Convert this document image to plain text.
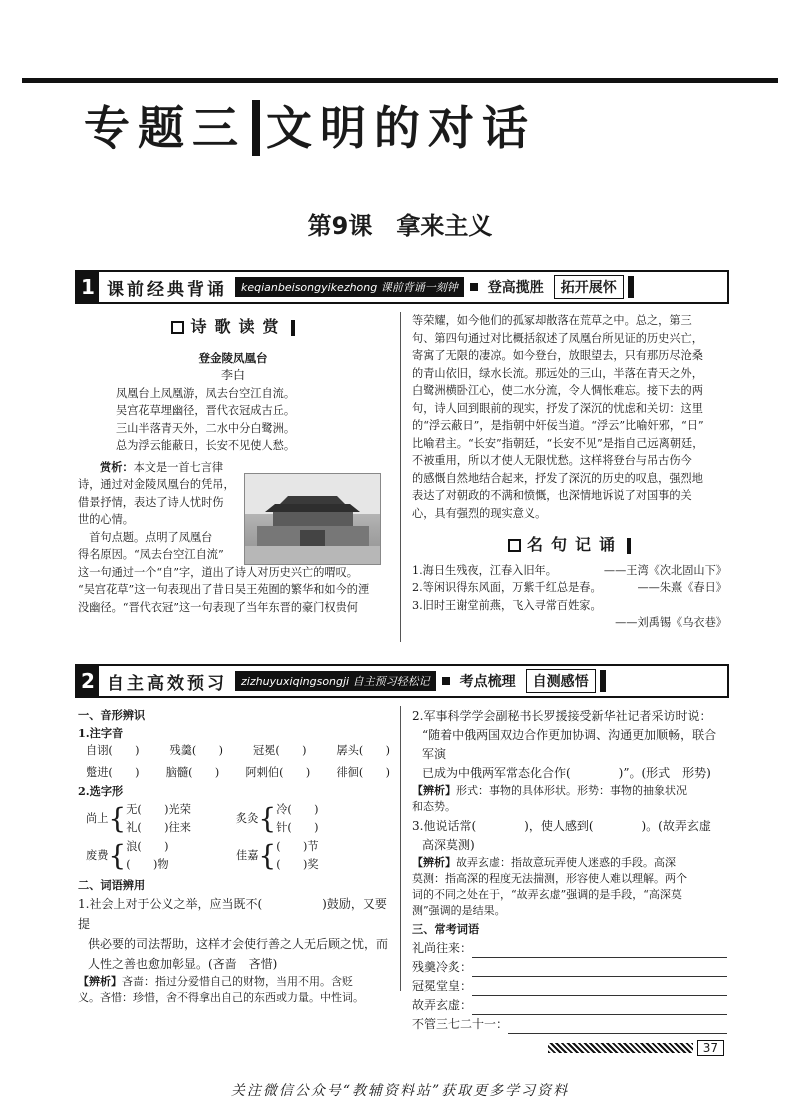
专题三 文明的对话
第9课　拿来主义
1 课前经典背诵	keqianbeisongyikezhong 课前背诵一刻钟	登高揽胜	拓开展怀
诗歌读赏
登金陵凤凰台
李白
凤凰台上凤凰游，凤去台空江自流。
吴宫花草埋幽径，晋代衣冠成古丘。
三山半落青天外，二水中分白鹭洲。
总为浮云能蔽日，长安不见使人愁。
赏析：本文是一首七言律
诗，通过对金陵凤凰台的凭吊，
借景抒情，表达了诗人忧时伤
世的心情。
　首句点题。点明了凤凰台
得名原因。“凤去台空江自流”
这一句通过一个“自”字，道出了诗人对历史兴亡的喟叹。
“吴宫花草”这一句表现出了昔日吴王苑囿的繁华和如今的湮
没幽径。“晋代衣冠”这一句表现了当年东晋的豪门权贵何
等荣耀，如今他们的孤冢却散落在荒草之中。总之，第三
句、第四句通过对比概括叙述了凤凰台所见证的历史兴亡，
寄寓了无限的凄凉。如今登台，放眼望去，只有那历尽沧桑
的青山依旧，绿水长流。那远处的三山，半落在青天之外，
白鹭洲横卧江心，使二水分流，令人惆怅难忘。接下去的两
句，诗人回到眼前的现实，抒发了深沉的忧虑和关切：这里
的“浮云蔽日”，是指朝中奸佞当道。“浮云”比喻奸邪，“日”
比喻君主。“长安”指朝廷，“长安不见”是指自己远离朝廷，
不被重用，所以才使人无限忧愁。这样将登台与吊古伤今
的感慨自然地结合起来，抒发了深沉的历史的叹息，强烈地
表达了对朝政的不满和愤慨，也深情地诉说了对国事的关
心，具有强烈的现实意义。
名句记诵
1.海日生残夜，江春入旧年。	——王湾《次北固山下》
2.等闲识得东风面，万紫千红总是春。	——朱熹《春日》
3.旧时王谢堂前燕，飞入寻常百姓家。
——刘禹锡《乌衣巷》
2 自主高效预习	zizhuyuxiqingsongji 自主预习轻松记	考点梳理	自测感悟
一、音形辨识
1.注字音
自诩(　　)	残羹(　　)	冠冕(　　)	孱头(　　)
蹩进(　　) 脑髓(　　) 阿剌伯(　　) 徘徊(　　)
2.选字形
尚上 { 无(　　)光荣
礼(　　)往来
炙灸 { 冷(　　)
针(　　)
废费 { 浪(　　)
(　　)物
佳嘉 { (　　)节
(　　)奖
二、词语辨用
1.社会上对于公义之举，应当既不(　　　　　)鼓励，又要提
供必要的司法帮助，这样才会使行善之人无后顾之忧，而
人性之善也愈加彰显。(吝啬　吝惜)
【辨析】吝啬：指过分爱惜自己的财物，当用不用。含贬
义。吝惜：珍惜，舍不得拿出自己的东西或力量。中性词。
2.军事科学学会副秘书长罗援接受新华社记者采访时说：
“随着中俄两国双边合作更加协调、沟通更加顺畅，联合军演
已成为中俄两军常态化合作(　　　　)”。(形式　形势)
【辨析】形式：事物的具体形状。形势：事物的抽象状况
和态势。
3.他说话常(　　　　)，使人感到(　　　　)。(故弄玄虚
高深莫测)
【辨析】故弄玄虚：指故意玩弄使人迷惑的手段。高深
莫测：指高深的程度无法揣测，形容使人难以理解。两个
词的不同之处在于，“故弄玄虚”强调的是手段，“高深莫
测”强调的是结果。
三、常考词语
礼尚往来：
残羹冷炙：
冠冕堂皇：
故弄玄虚：
不管三七二十一：
37
关注微信公众号“教辅资料站”获取更多学习资料
